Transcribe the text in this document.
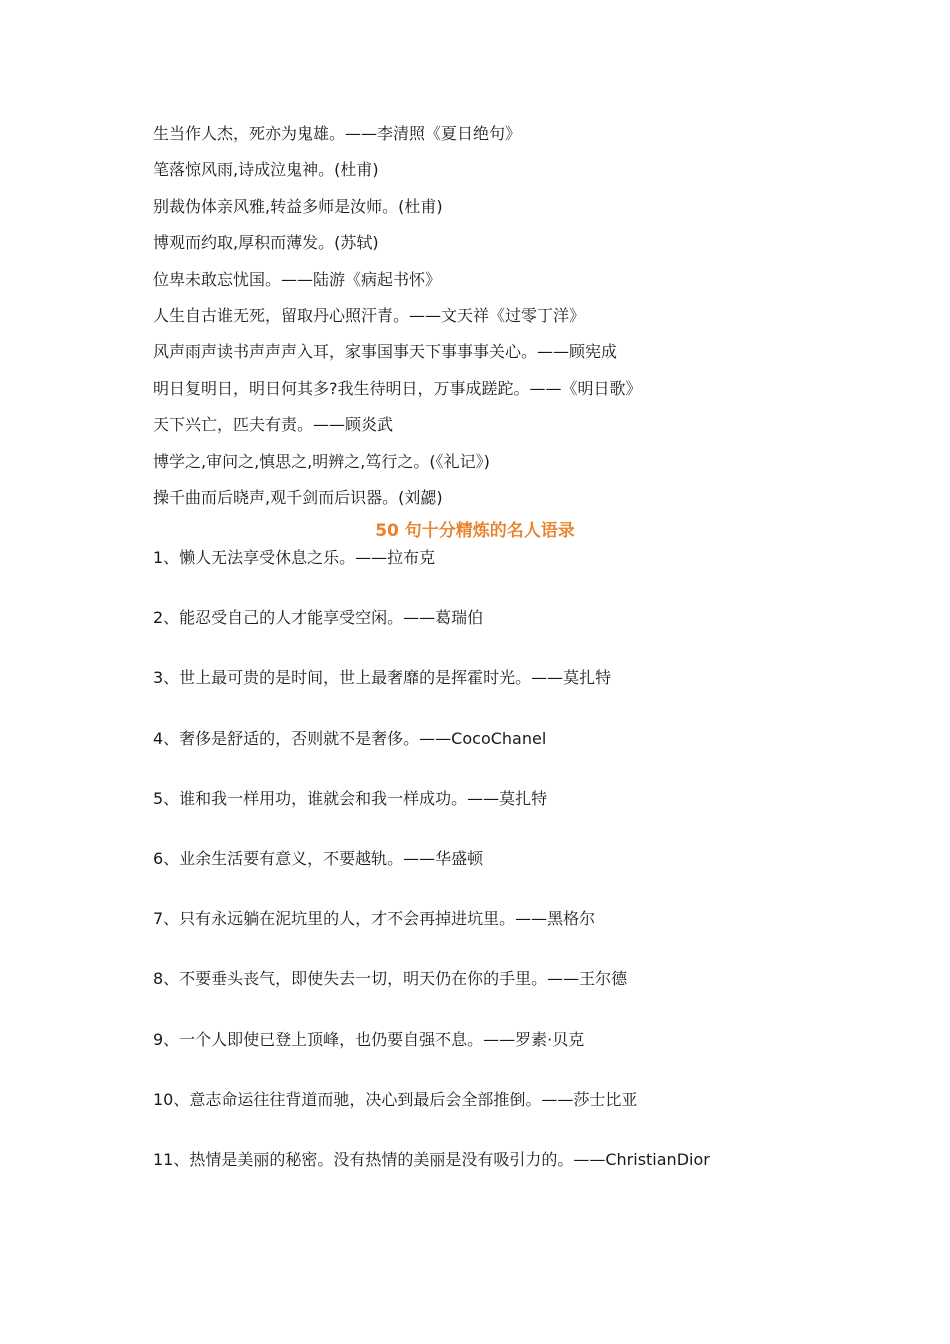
生当作人杰，死亦为鬼雄。——李清照《夏日绝句》
笔落惊风雨,诗成泣鬼神。(杜甫)
别裁伪体亲风雅,转益多师是汝师。(杜甫)
博观而约取,厚积而薄发。(苏轼)
位卑未敢忘忧国。——陆游《病起书怀》
人生自古谁无死，留取丹心照汗青。——文天祥《过零丁洋》
风声雨声读书声声声入耳，家事国事天下事事事关心。——顾宪成
明日复明日，明日何其多?我生待明日，万事成蹉跎。——《明日歌》
天下兴亡，匹夫有责。——顾炎武
博学之,审问之,慎思之,明辨之,笃行之。(《礼记》)
操千曲而后晓声,观千剑而后识器。(刘勰)
50 句十分精炼的名人语录
1、懒人无法享受休息之乐。——拉布克
2、能忍受自己的人才能享受空闲。——葛瑞伯
3、世上最可贵的是时间，世上最奢靡的是挥霍时光。——莫扎特
4、奢侈是舒适的，否则就不是奢侈。——CocoChanel
5、谁和我一样用功，谁就会和我一样成功。——莫扎特
6、业余生活要有意义，不要越轨。——华盛顿
7、只有永远躺在泥坑里的人，才不会再掉进坑里。——黑格尔
8、不要垂头丧气，即使失去一切，明天仍在你的手里。——王尔德
9、一个人即使已登上顶峰，也仍要自强不息。——罗素·贝克
10、意志命运往往背道而驰，决心到最后会全部推倒。——莎士比亚
11、热情是美丽的秘密。没有热情的美丽是没有吸引力的。——ChristianDior
